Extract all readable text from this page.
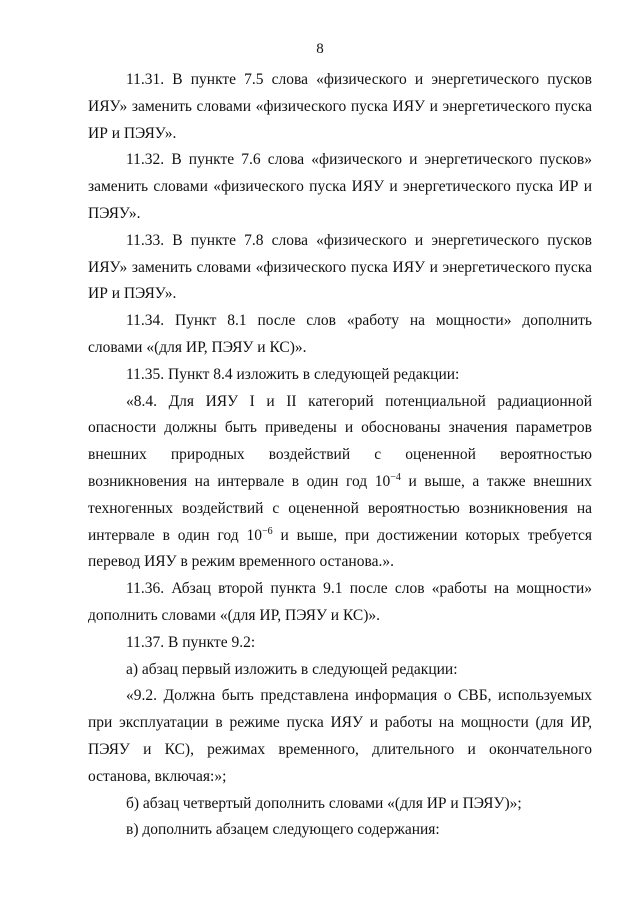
8

11.31. В пункте 7.5 слова «физического и энергетического пусков ИЯУ» заменить словами «физического пуска ИЯУ и энергетического пуска ИР и ПЭЯУ».

11.32. В пункте 7.6 слова «физического и энергетического пусков» заменить словами «физического пуска ИЯУ и энергетического пуска ИР и ПЭЯУ».

11.33. В пункте 7.8 слова «физического и энергетического пусков ИЯУ» заменить словами «физического пуска ИЯУ и энергетического пуска ИР и ПЭЯУ».

11.34. Пункт 8.1 после слов «работу на мощности» дополнить словами «(для ИР, ПЭЯУ и КС)».

11.35. Пункт 8.4 изложить в следующей редакции:

«8.4. Для ИЯУ I и II категорий потенциальной радиационной опасности должны быть приведены и обоснованы значения параметров внешних природных воздействий с оцененной вероятностью возникновения на интервале в один год $10^{-4}$ и выше, а также внешних техногенных воздействий с оцененной вероятностью возникновения на интервале в один год $10^{-6}$ и выше, при достижении которых требуется перевод ИЯУ в режим временного останова.».

11.36. Абзац второй пункта 9.1 после слов «работы на мощности» дополнить словами «(для ИР, ПЭЯУ и КС)».

11.37. В пункте 9.2:

а) абзац первый изложить в следующей редакции:

«9.2. Должна быть представлена информация о СВБ, используемых при эксплуатации в режиме пуска ИЯУ и работы на мощности (для ИР, ПЭЯУ и КС), режимах временного, длительного и окончательного останова, включая:»;

б) абзац четвертый дополнить словами «(для ИР и ПЭЯУ)»;

в) дополнить абзацем следующего содержания:
